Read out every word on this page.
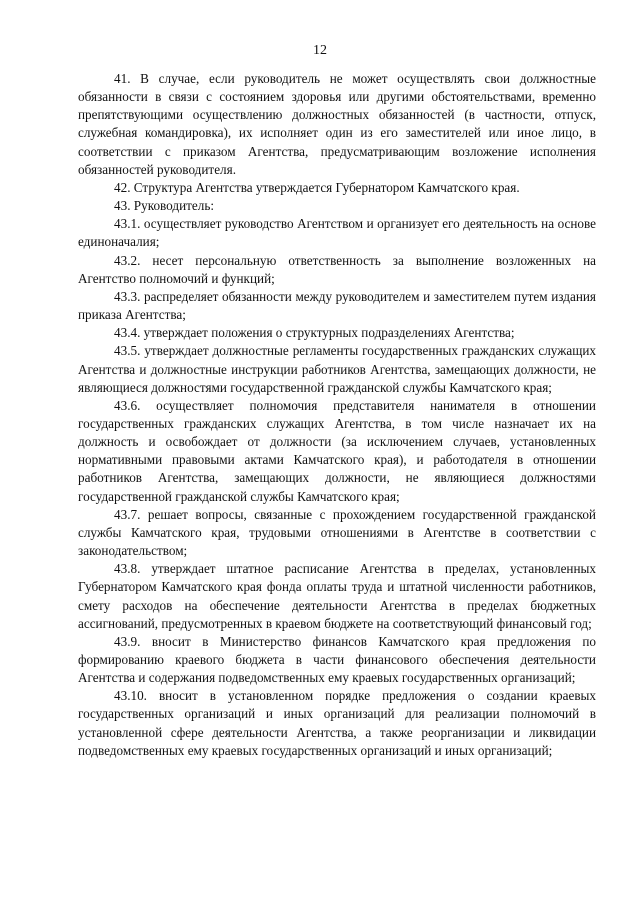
12

41. В случае, если руководитель не может осуществлять свои должностные обязанности в связи с состоянием здоровья или другими обстоятельствами, временно препятствующими осуществлению должностных обязанностей (в частности, отпуск, служебная командировка), их исполняет один из его заместителей или иное лицо, в соответствии с приказом Агентства, предусматривающим возложение исполнения обязанностей руководителя.

42. Структура Агентства утверждается Губернатором Камчатского края.

43. Руководитель:

43.1. осуществляет руководство Агентством и организует его деятельность на основе единоначалия;

43.2. несет персональную ответственность за выполнение возложенных на Агентство полномочий и функций;

43.3. распределяет обязанности между руководителем и заместителем путем издания приказа Агентства;

43.4. утверждает положения о структурных подразделениях Агентства;

43.5. утверждает должностные регламенты государственных гражданских служащих Агентства и должностные инструкции работников Агентства, замещающих должности, не являющиеся должностями государственной гражданской службы Камчатского края;

43.6. осуществляет полномочия представителя нанимателя в отношении государственных гражданских служащих Агентства, в том числе назначает их на должность и освобождает от должности (за исключением случаев, установленных нормативными правовыми актами Камчатского края), и работодателя в отношении работников Агентства, замещающих должности, не являющиеся должностями государственной гражданской службы Камчатского края;

43.7. решает вопросы, связанные с прохождением государственной гражданской службы Камчатского края, трудовыми отношениями в Агентстве в соответствии с законодательством;

43.8. утверждает штатное расписание Агентства в пределах, установленных Губернатором Камчатского края фонда оплаты труда и штатной численности работников, смету расходов на обеспечение деятельности Агентства в пределах бюджетных ассигнований, предусмотренных в краевом бюджете на соответствующий финансовый год;

43.9. вносит в Министерство финансов Камчатского края предложения по формированию краевого бюджета в части финансового обеспечения деятельности Агентства и содержания подведомственных ему краевых государственных организаций;

43.10. вносит в установленном порядке предложения о создании краевых государственных организаций и иных организаций для реализации полномочий в установленной сфере деятельности Агентства, а также реорганизации и ликвидации подведомственных ему краевых государственных организаций и иных организаций;
